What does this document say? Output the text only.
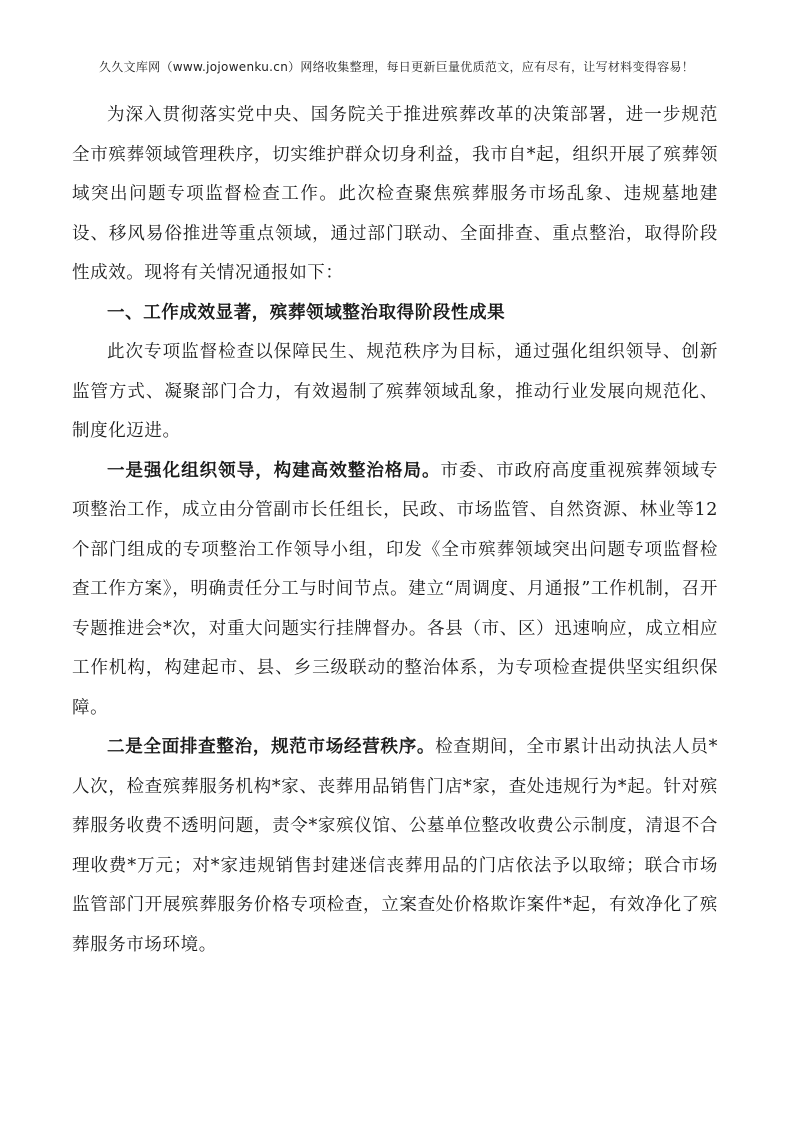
久久文库网（www.jojowenku.cn）网络收集整理，每日更新巨量优质范文，应有尽有，让写材料变得容易！

为深入贯彻落实党中央、国务院关于推进殡葬改革的决策部署，进一步规范全市殡葬领域管理秩序，切实维护群众切身利益，我市自*起，组织开展了殡葬领域突出问题专项监督检查工作。此次检查聚焦殡葬服务市场乱象、违规墓地建设、移风易俗推进等重点领域，通过部门联动、全面排查、重点整治，取得阶段性成效。现将有关情况通报如下：

一、工作成效显著，殡葬领域整治取得阶段性成果

此次专项监督检查以保障民生、规范秩序为目标，通过强化组织领导、创新监管方式、凝聚部门合力，有效遏制了殡葬领域乱象，推动行业发展向规范化、制度化迈进。

一是强化组织领导，构建高效整治格局。市委、市政府高度重视殡葬领域专项整治工作，成立由分管副市长任组长，民政、市场监管、自然资源、林业等12个部门组成的专项整治工作领导小组，印发《全市殡葬领域突出问题专项监督检查工作方案》，明确责任分工与时间节点。建立“周调度、月通报”工作机制，召开专题推进会*次，对重大问题实行挂牌督办。各县（市、区）迅速响应，成立相应工作机构，构建起市、县、乡三级联动的整治体系，为专项检查提供坚实组织保障。

二是全面排查整治，规范市场经营秩序。检查期间，全市累计出动执法人员*人次，检查殡葬服务机构*家、丧葬用品销售门店*家，查处违规行为*起。针对殡葬服务收费不透明问题，责令*家殡仪馆、公墓单位整改收费公示制度，清退不合理收费*万元；对*家违规销售封建迷信丧葬用品的门店依法予以取缔；联合市场监管部门开展殡葬服务价格专项检查，立案查处价格欺诈案件*起，有效净化了殡葬服务市场环境。
